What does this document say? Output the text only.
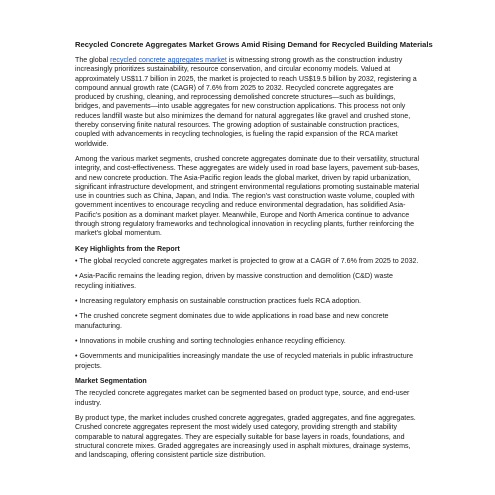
Recycled Concrete Aggregates Market Grows Amid Rising Demand for Recycled Building Materials

The global recycled concrete aggregates market is witnessing strong growth as the construction industry increasingly prioritizes sustainability, resource conservation, and circular economy models. Valued at approximately US$11.7 billion in 2025, the market is projected to reach US$19.5 billion by 2032, registering a compound annual growth rate (CAGR) of 7.6% from 2025 to 2032. Recycled concrete aggregates are produced by crushing, cleaning, and reprocessing demolished concrete structures—such as buildings, bridges, and pavements—into usable aggregates for new construction applications. This process not only reduces landfill waste but also minimizes the demand for natural aggregates like gravel and crushed stone, thereby conserving finite natural resources. The growing adoption of sustainable construction practices, coupled with advancements in recycling technologies, is fueling the rapid expansion of the RCA market worldwide.

Among the various market segments, crushed concrete aggregates dominate due to their versatility, structural integrity, and cost-effectiveness. These aggregates are widely used in road base layers, pavement sub-bases, and new concrete production. The Asia-Pacific region leads the global market, driven by rapid urbanization, significant infrastructure development, and stringent environmental regulations promoting sustainable material use in countries such as China, Japan, and India. The region's vast construction waste volume, coupled with government incentives to encourage recycling and reduce environmental degradation, has solidified Asia-Pacific's position as a dominant market player. Meanwhile, Europe and North America continue to advance through strong regulatory frameworks and technological innovation in recycling plants, further reinforcing the market's global momentum.

Key Highlights from the Report

• The global recycled concrete aggregates market is projected to grow at a CAGR of 7.6% from 2025 to 2032.

• Asia-Pacific remains the leading region, driven by massive construction and demolition (C&D) waste recycling initiatives.

• Increasing regulatory emphasis on sustainable construction practices fuels RCA adoption.

• The crushed concrete segment dominates due to wide applications in road base and new concrete manufacturing.

• Innovations in mobile crushing and sorting technologies enhance recycling efficiency.

• Governments and municipalities increasingly mandate the use of recycled materials in public infrastructure projects.

Market Segmentation

The recycled concrete aggregates market can be segmented based on product type, source, and end-user industry.

By product type, the market includes crushed concrete aggregates, graded aggregates, and fine aggregates. Crushed concrete aggregates represent the most widely used category, providing strength and stability comparable to natural aggregates. They are especially suitable for base layers in roads, foundations, and structural concrete mixes. Graded aggregates are increasingly used in asphalt mixtures, drainage systems, and landscaping, offering consistent particle size distribution.
